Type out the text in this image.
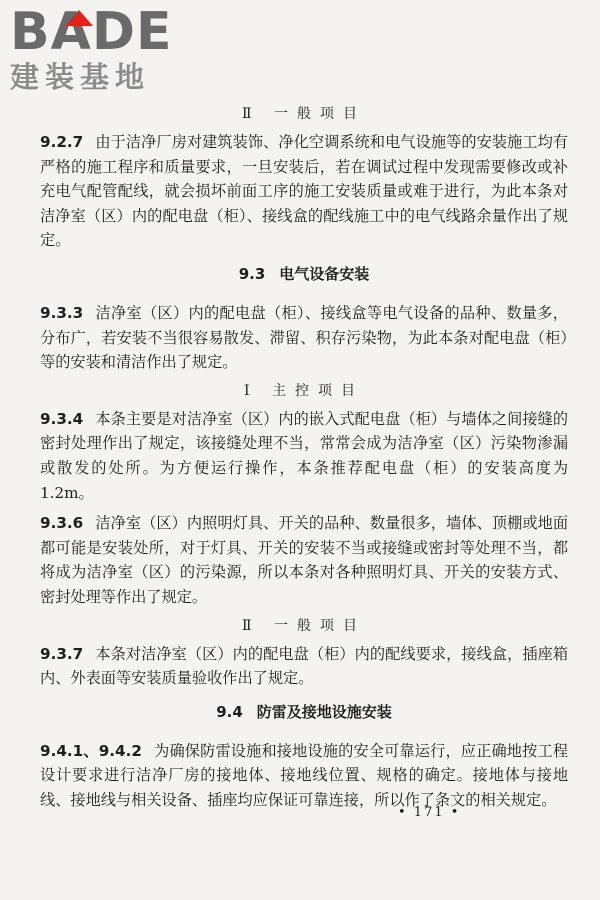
BADE
建装基地
Ⅱ 一般项目
9.2.7 由于洁净厂房对建筑装饰、净化空调系统和电气设施等的安装施工均有严格的施工程序和质量要求，一旦安装后，若在调试过程中发现需要修改或补充电气配管配线，就会损坏前面工序的施工安装质量或难于进行，为此本条对洁净室（区）内的配电盘（柜）、接线盒的配线施工中的电气线路余量作出了规定。
9.3 电气设备安装
9.3.3 洁净室（区）内的配电盘（柜）、接线盒等电气设备的品种、数量多，分布广，若安装不当很容易散发、滞留、积存污染物，为此本条对配电盘（柜）等的安装和清洁作出了规定。
Ⅰ 主控项目
9.3.4 本条主要是对洁净室（区）内的嵌入式配电盘（柜）与墙体之间接缝的密封处理作出了规定，该接缝处理不当，常常会成为洁净室（区）污染物渗漏或散发的处所。为方便运行操作，本条推荐配电盘（柜）的安装高度为 1.2m。
9.3.6 洁净室（区）内照明灯具、开关的品种、数量很多，墙体、顶棚或地面都可能是安装处所，对于灯具、开关的安装不当或接缝或密封等处理不当，都将成为洁净室（区）的污染源，所以本条对各种照明灯具、开关的安装方式、密封处理等作出了规定。
Ⅱ 一般项目
9.3.7 本条对洁净室（区）内的配电盘（柜）内的配线要求，接线盒，插座箱内、外表面等安装质量验收作出了规定。
9.4 防雷及接地设施安装
9.4.1、9.4.2 为确保防雷设施和接地设施的安全可靠运行，应正确地按工程设计要求进行洁净厂房的接地体、接地线位置、规格的确定。接地体与接地线、接地线与相关设备、插座均应保证可靠连接，所以作了条文的相关规定。
• 171 •
